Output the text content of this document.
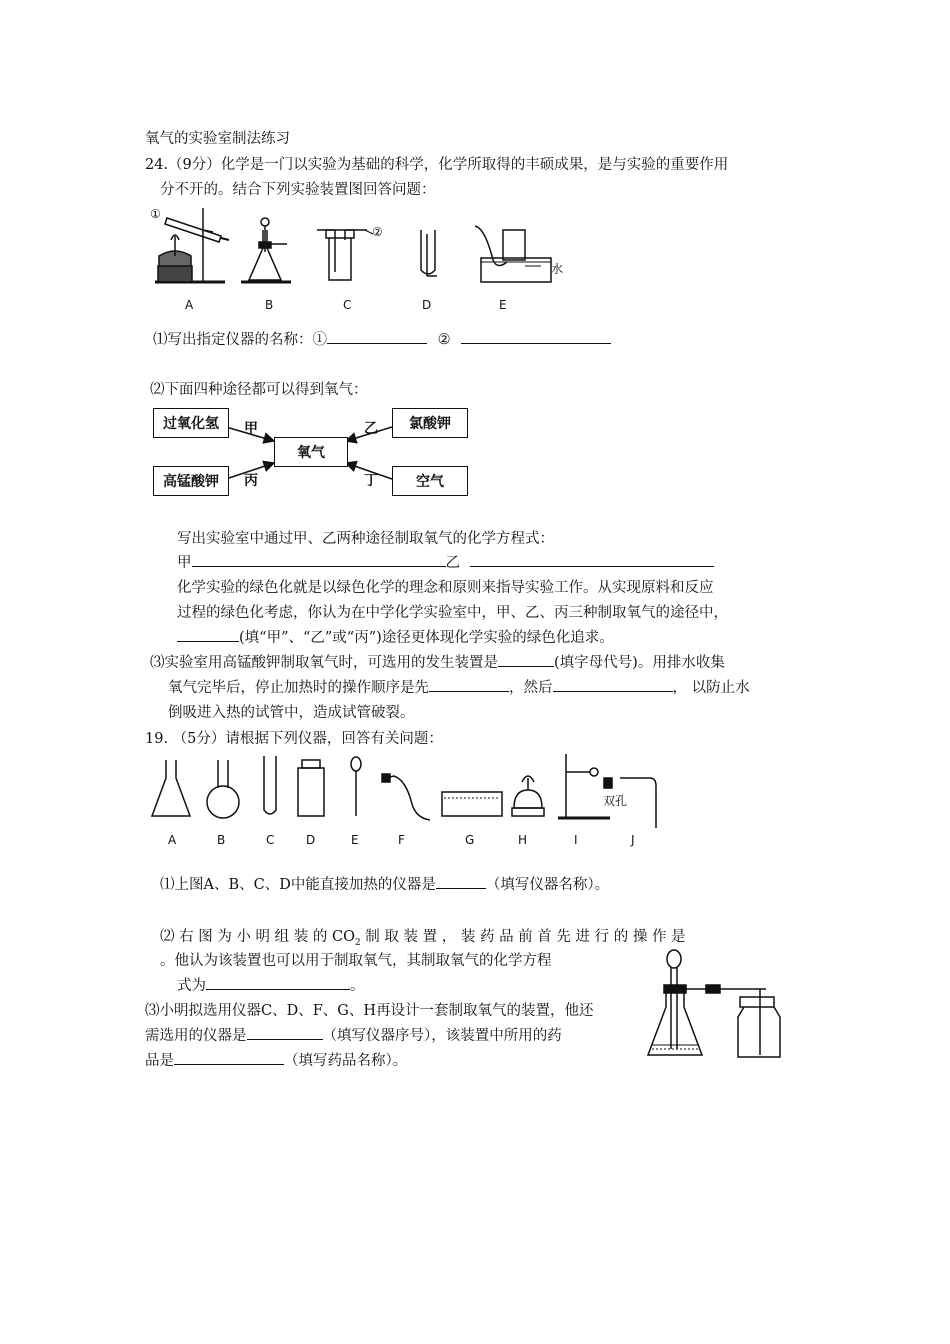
氧气的实验室制法练习
24.（9分）化学是一门以实验为基础的科学，化学所取得的丰硕成果，是与实验的重要作用
分不开的。结合下列实验装置图回答问题：
①
②
水
A	B	C	D	E
⑴写出指定仪器的名称：①	②
⑵下面四种途径都可以得到氧气：
过氧化氢	氯酸钾
氧气
高锰酸钾	空气
甲	乙
丙	丁
写出实验室中通过甲、乙两种途径制取氧气的化学方程式：
甲	乙
化学实验的绿色化就是以绿色化学的理念和原则来指导实验工作。从实现原料和反应
过程的绿色化考虑，你认为在中学化学实验室中，甲、乙、丙三种制取氧气的途径中，
(填“甲”、“乙”或“丙”)途径更体现化学实验的绿色化追求。
⑶实验室用高锰酸钾制取氧气时，可选用的发生装置是	(填字母代号)。用排水收集
氧气完毕后，停止加热时的操作顺序是先	，然后	， 以防止水
倒吸进入热的试管中，造成试管破裂。
19. （5分）请根据下列仪器，回答有关问题：
双孔
A	B	C	D	E	F	G	H	I	J
⑴上图A、B、C、D中能直接加热的仪器是	（填写仪器名称）。
⑵ 右 图 为 小 明 组 装 的 $CO_2$ 制 取 装 置 ， 装 药 品 前 首 先 进 行 的 操 作 是
。他认为该装置也可以用于制取氧气，其制取氧气的化学方程
式为	。
⑶小明拟选用仪器C、D、F、G、H再设计一套制取氧气的装置，他还
需选用的仪器是	（填写仪器序号），该装置中所用的药
品是	（填写药品名称）。
